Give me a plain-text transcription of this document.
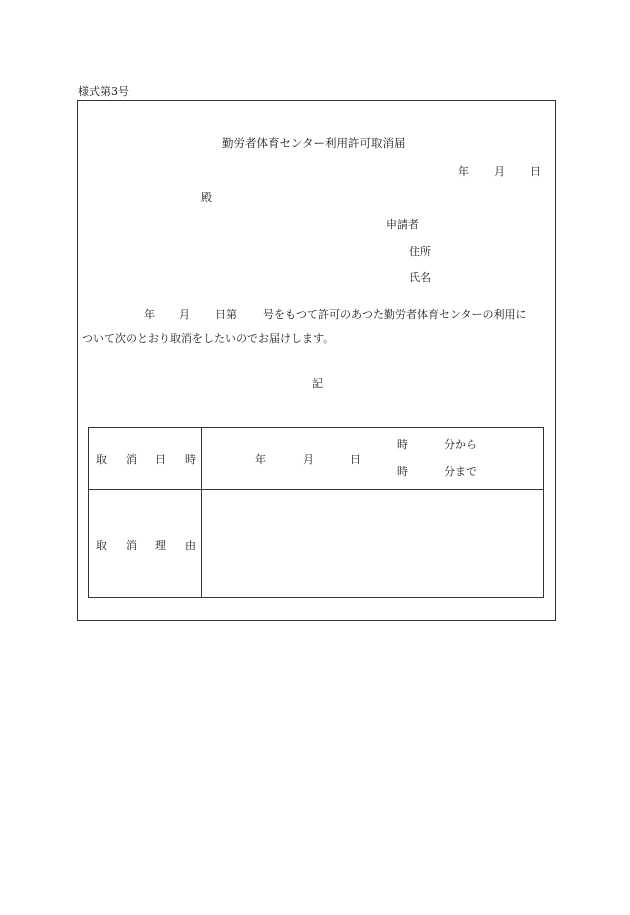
様式第3号
勤労者体育センター利用許可取消届
年 月 日
殿
申請者
住所
氏名
年 月 日第 号をもつて許可のあつた勤労者体育センターの利用に
ついて次のとおり取消をしたいのでお届けします。
記
取 消 日 時	年	月	日
時	分から
時	分まで
取 消 理 由
